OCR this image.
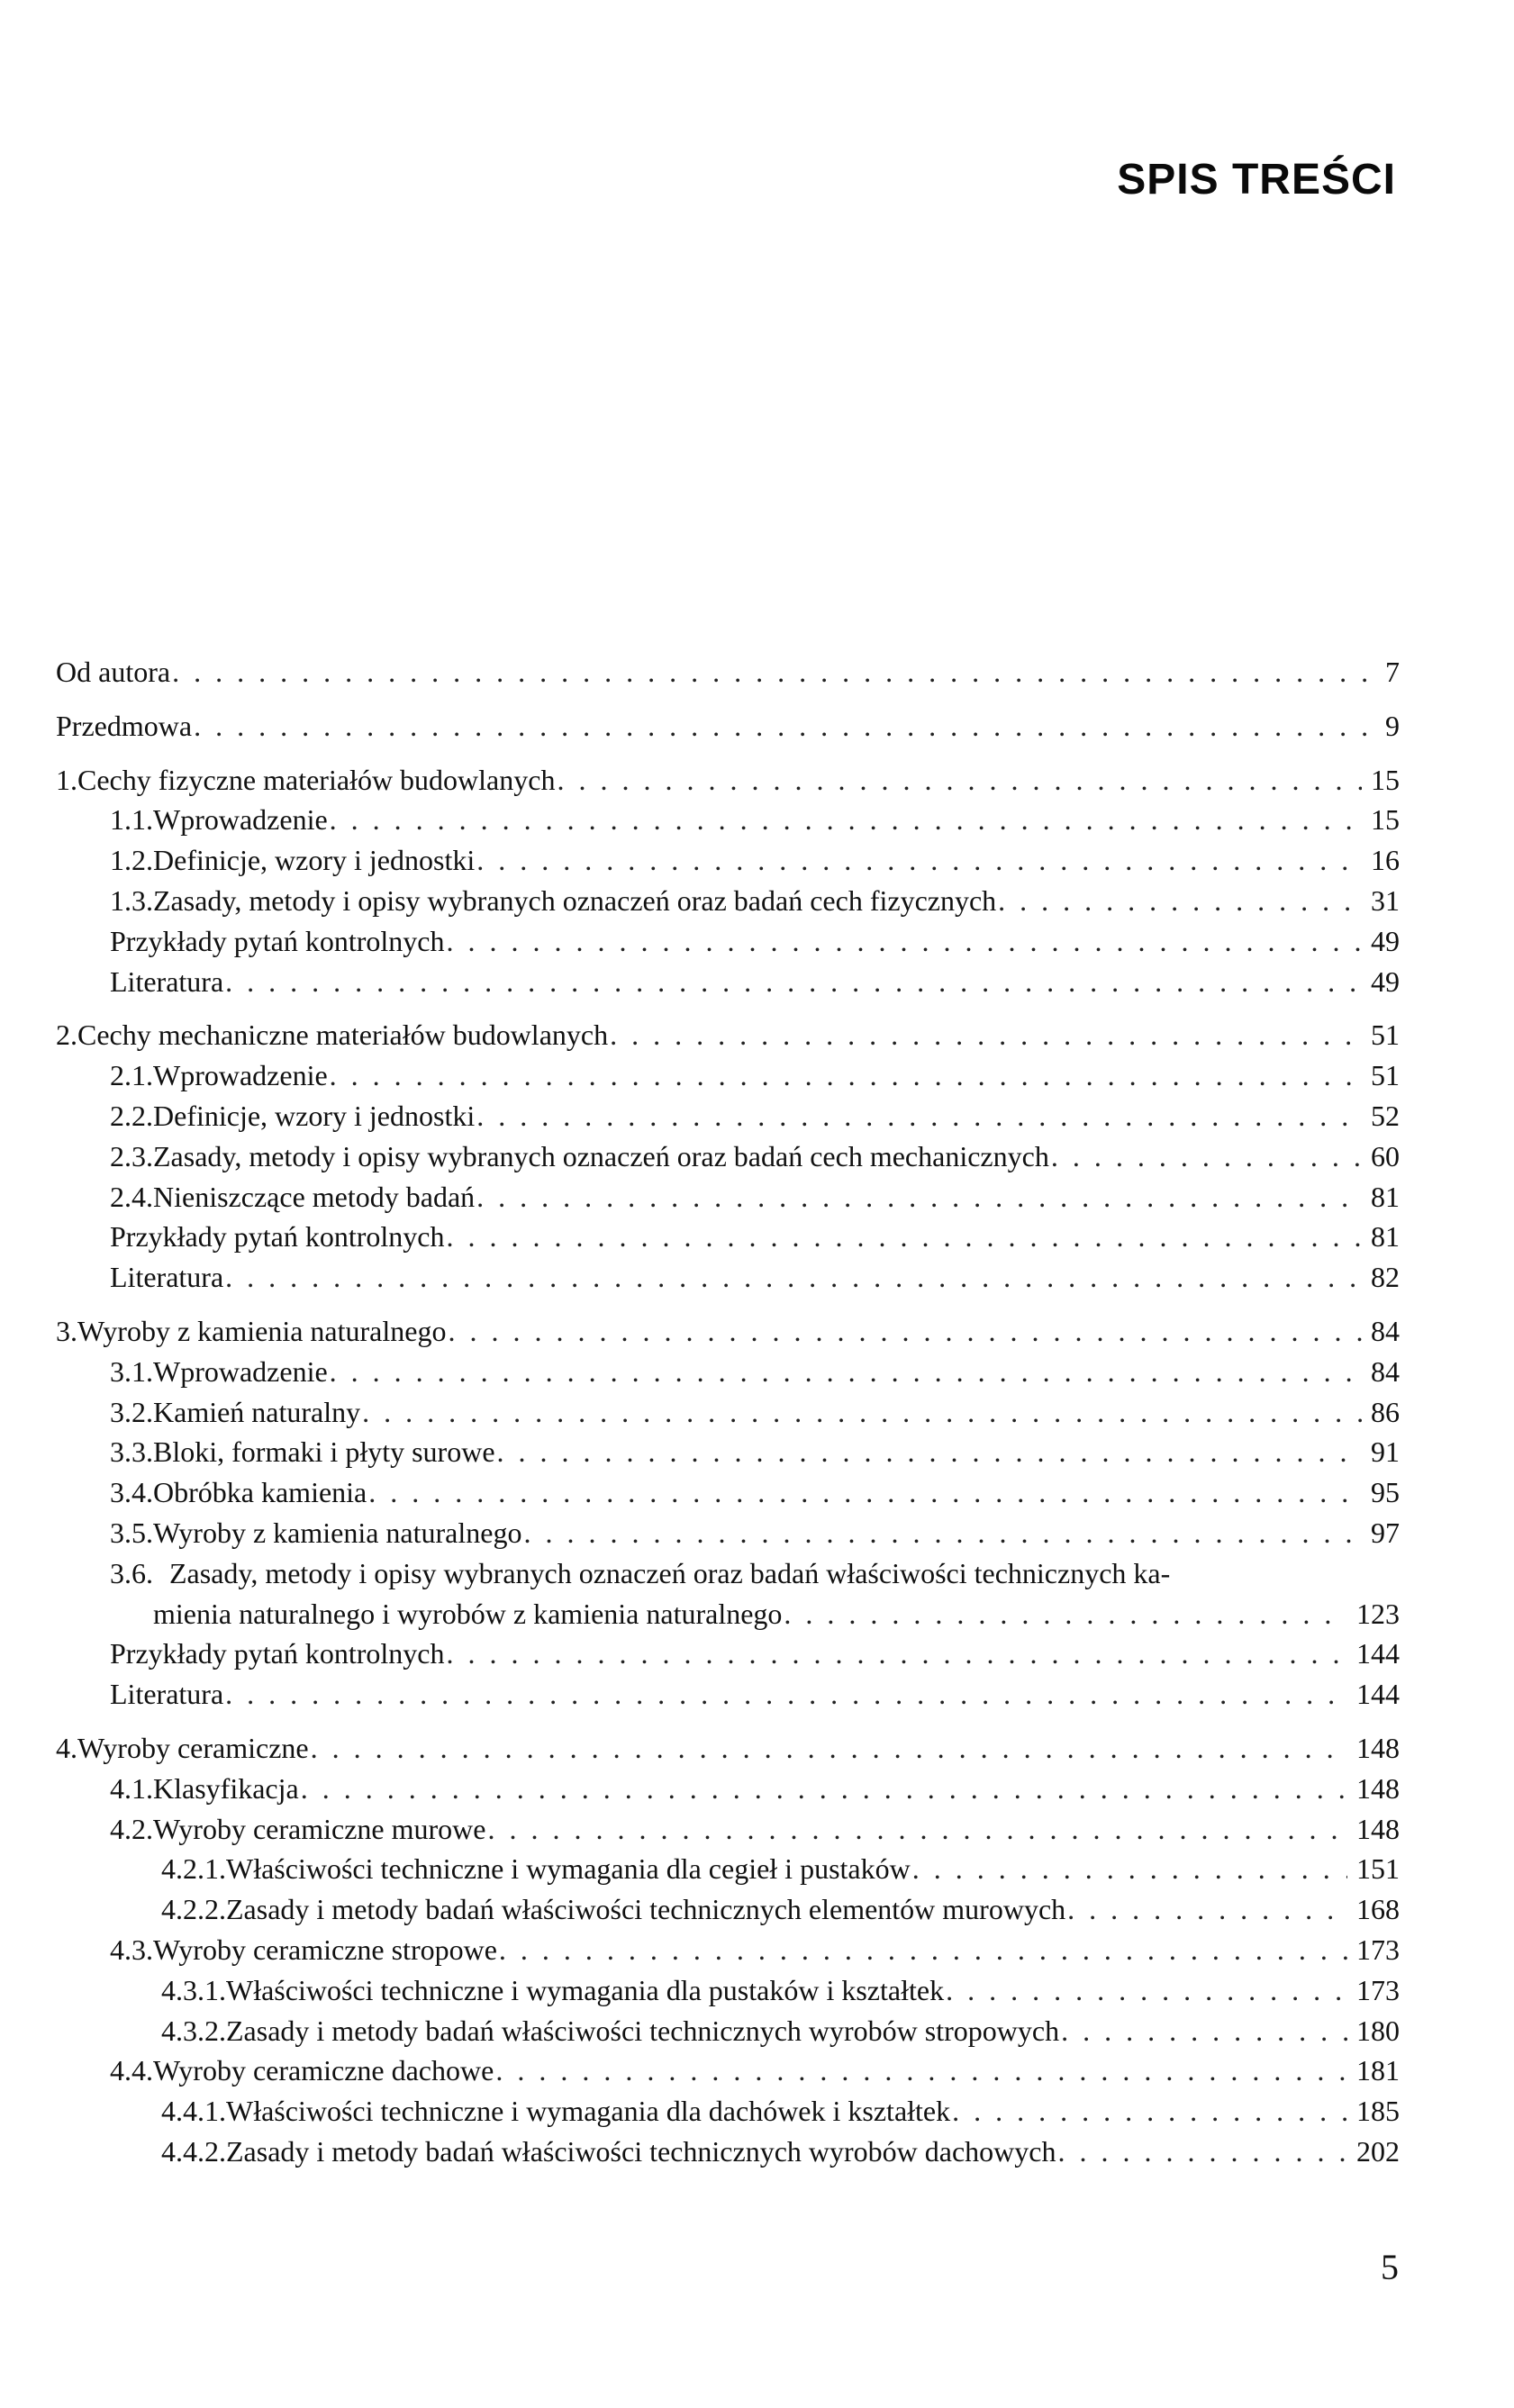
SPIS TREŚCI
Od autora . . .	7
Przedmowa . . .	9
1. Cechy fizyczne materiałów budowlanych . . .	15
1.1. Wprowadzenie . . .	15
1.2. Definicje, wzory i jednostki . . .	16
1.3. Zasady, metody i opisy wybranych oznaczeń oraz badań cech fizycznych . . .	31
Przykłady pytań kontrolnych . . .	49
Literatura . . .	49
2. Cechy mechaniczne materiałów budowlanych . . .	51
2.1. Wprowadzenie . . .	51
2.2. Definicje, wzory i jednostki . . .	52
2.3. Zasady, metody i opisy wybranych oznaczeń oraz badań cech mechanicznych . . .	60
2.4. Nieniszczące metody badań . . .	81
Przykłady pytań kontrolnych . . .	81
Literatura . . .	82
3. Wyroby z kamienia naturalnego . . .	84
3.1. Wprowadzenie . . .	84
3.2. Kamień naturalny . . .	86
3.3. Bloki, formaki i płyty surowe . . .	91
3.4. Obróbka kamienia . . .	95
3.5. Wyroby z kamienia naturalnego . . .	97
3.6. Zasady, metody i opisy wybranych oznaczeń oraz badań właściwości technicznych ka-
mienia naturalnego i wyrobów z kamienia naturalnego . . .	123
Przykłady pytań kontrolnych . . .	144
Literatura . . .	144
4. Wyroby ceramiczne . . .	148
4.1. Klasyfikacja . . .	148
4.2. Wyroby ceramiczne murowe . . .	148
4.2.1. Właściwości techniczne i wymagania dla cegieł i pustaków . . .	151
4.2.2. Zasady i metody badań właściwości technicznych elementów murowych . . .	168
4.3. Wyroby ceramiczne stropowe . . .	173
4.3.1. Właściwości techniczne i wymagania dla pustaków i kształtek . . .	173
4.3.2. Zasady i metody badań właściwości technicznych wyrobów stropowych . . .	180
4.4. Wyroby ceramiczne dachowe . . .	181
4.4.1. Właściwości techniczne i wymagania dla dachówek i kształtek . . .	185
4.4.2. Zasady i metody badań właściwości technicznych wyrobów dachowych . . .	202
5
